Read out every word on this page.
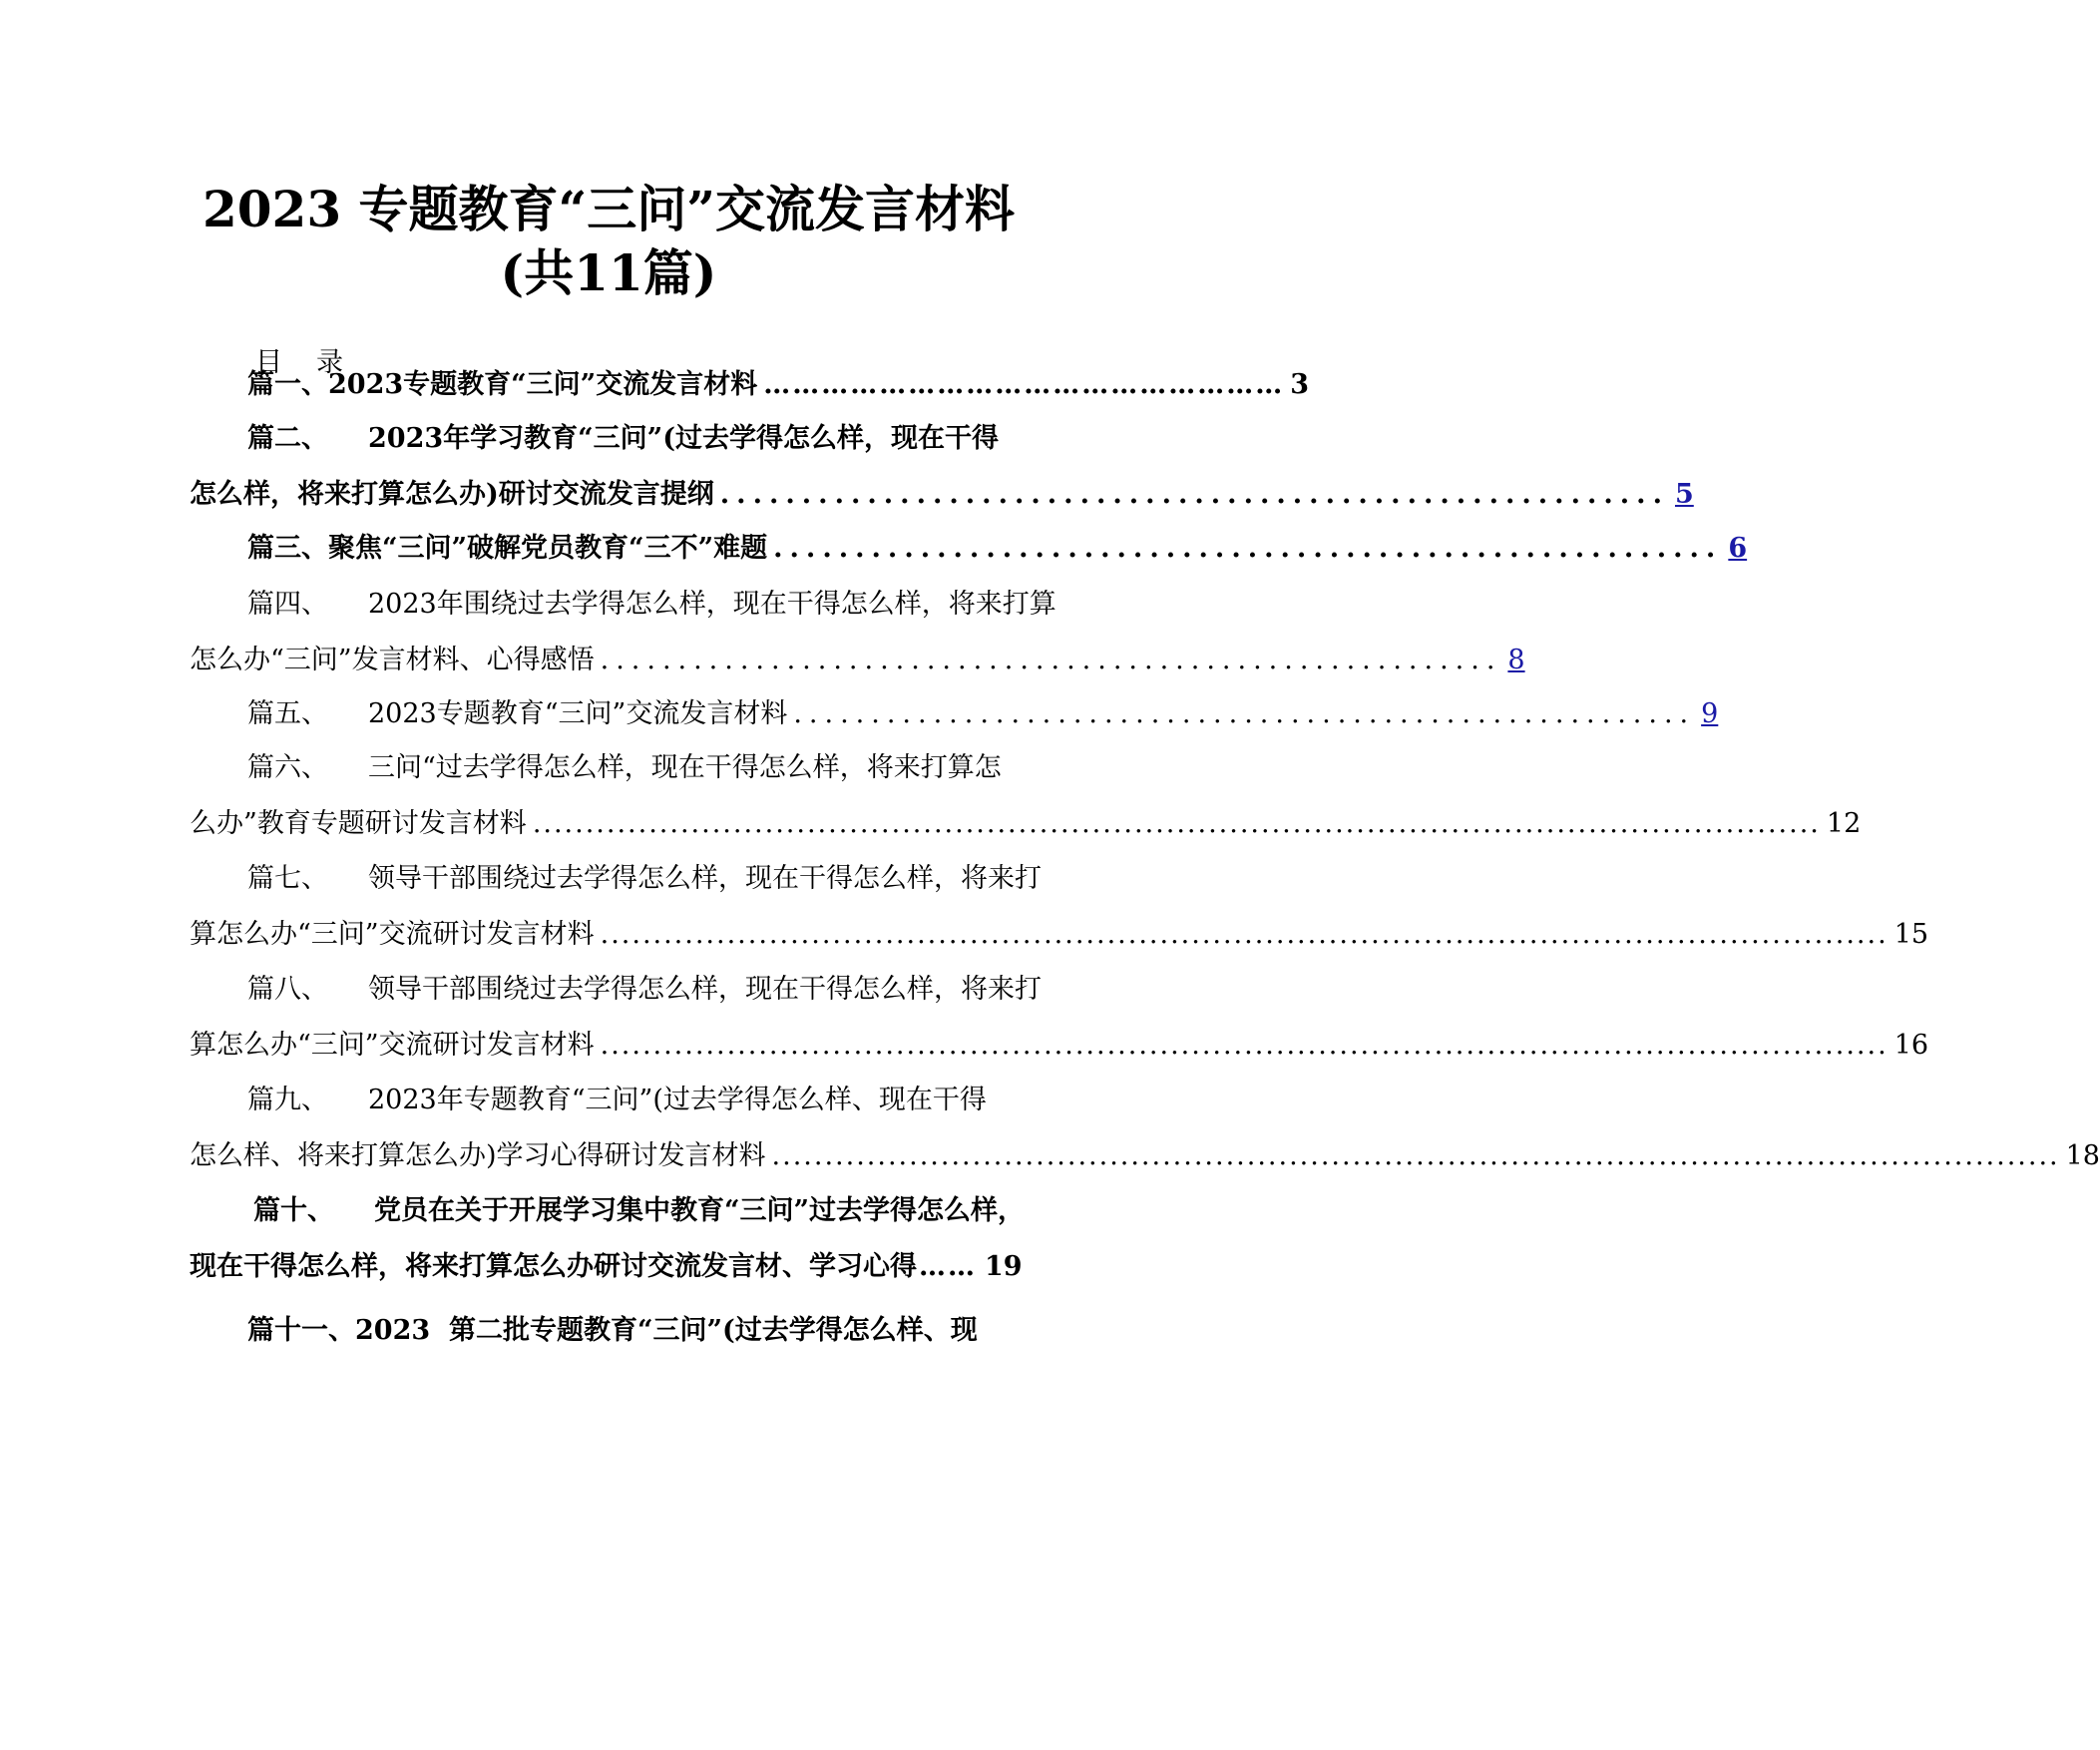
2023 专题教育“三问”交流发言材料(共11篇)
目 录
篇一、2023专题教育“三问”交流发言材料 ……………………………………………… 3
篇二、 2023年学习教育“三问”(过去学得怎么样，现在干得
怎么样，将来打算怎么办)研讨交流发言提纲 .......................................................... 5
篇三、聚焦“三问”破解党员教育“三不”难题 .......................................................... 6
篇四、 2023年围绕过去学得怎么样，现在干得怎么样，将来打算
怎么办“三问”发言材料、心得感悟 .......................................................... 8
篇五、 2023专题教育“三问”交流发言材料 .......................................................... 9
篇六、 三问“过去学得怎么样，现在干得怎么样，将来打算怎
么办”教育专题研讨发言材料 .......................................................................................................................... 12
篇七、 领导干部围绕过去学得怎么样，现在干得怎么样，将来打
算怎么办“三问”交流研讨发言材料 .......................................................................................................................... 15
篇八、 领导干部围绕过去学得怎么样，现在干得怎么样，将来打
算怎么办“三问”交流研讨发言材料 .......................................................................................................................... 16
篇九、 2023年专题教育“三问”(过去学得怎么样、现在干得
怎么样、将来打算怎么办)学习心得研讨发言材料 .......................................................................................................................... 18
篇十、 党员在关于开展学习集中教育“三问”过去学得怎么样，
现在干得怎么样，将来打算怎么办研讨交流发言材、学习心得 …… 19
篇十一、2023  第二批专题教育“三问”(过去学得怎么样、现
